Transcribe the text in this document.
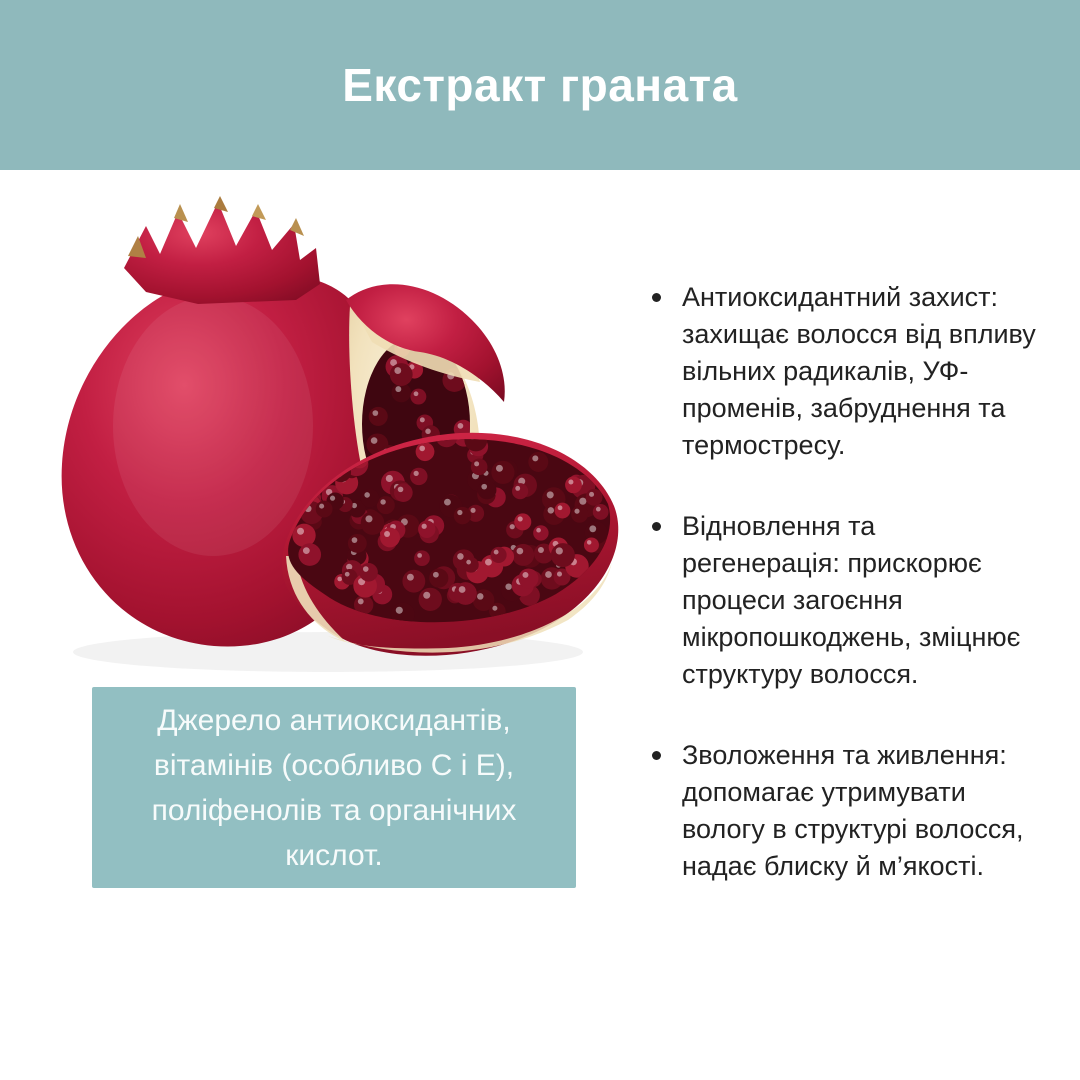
Екстракт граната
Джерело антиоксидантів, вітамінів (особливо C і E), поліфенолів та органічних кислот.
Антиоксидантний захист: захищає волосся від впливу вільних радикалів, УФ-променів, забруднення та термостресу.
Відновлення та регенерація: прискорює процеси загоєння мікропошкоджень, зміцнює структуру волосся.
Зволоження та живлення: допомагає утримувати вологу в структурі волосся, надає блиску й м’якості.
